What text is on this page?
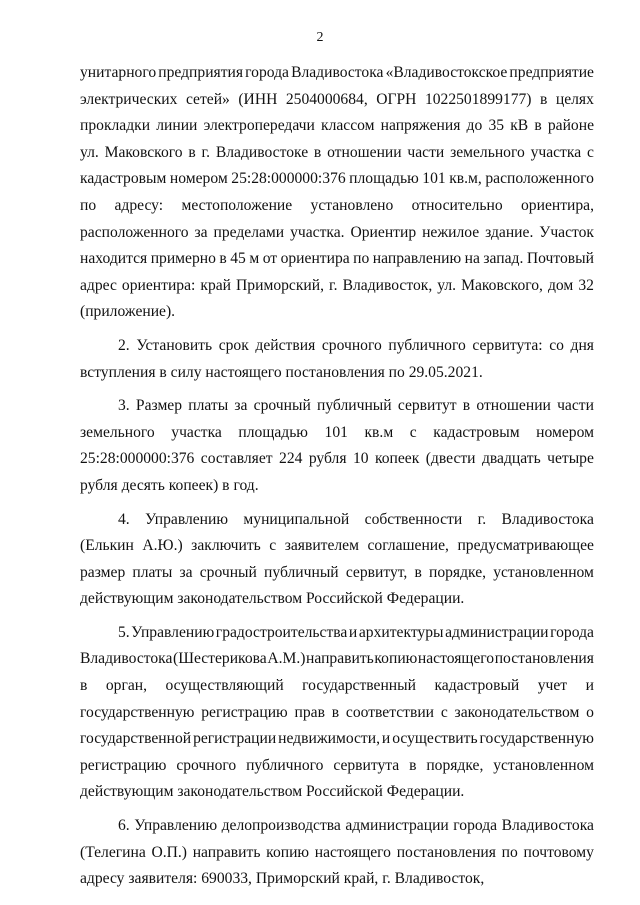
2
унитарного предприятия города Владивостока «Владивостокское предприятие
электрических сетей» (ИНН 2504000684, ОГРН 1022501899177) в целях
прокладки линии электропередачи классом напряжения до 35 кВ в районе
ул. Маковского в г. Владивостоке в отношении части земельного участка с
кадастровым номером 25:28:000000:376 площадью 101 кв.м, расположенного
по адресу: местоположение установлено относительно ориентира,
расположенного за пределами участка. Ориентир нежилое здание. Участок
находится примерно в 45 м от ориентира по направлению на запад. Почтовый
адрес ориентира: край Приморский, г. Владивосток, ул. Маковского, дом 32
(приложение).
2. Установить срок действия срочного публичного сервитута: со дня
вступления в силу настоящего постановления по 29.05.2021.
3. Размер платы за срочный публичный сервитут в отношении части
земельного участка площадью 101 кв.м с кадастровым номером
25:28:000000:376 составляет 224 рубля 10 копеек (двести двадцать четыре
рубля десять копеек) в год.
4. Управлению муниципальной собственности г. Владивостока
(Елькин А.Ю.) заключить с заявителем соглашение, предусматривающее
размер платы за срочный публичный сервитут, в порядке, установленном
действующим законодательством Российской Федерации.
5. Управлению градостроительства и архитектуры администрации города
Владивостока (Шестерикова А.М.) направить копию настоящего постановления
в орган, осуществляющий государственный кадастровый учет и
государственную регистрацию прав в соответствии с законодательством о
государственной регистрации недвижимости, и осуществить государственную
регистрацию срочного публичного сервитута в порядке, установленном
действующим законодательством Российской Федерации.
6. Управлению делопроизводства администрации города Владивостока
(Телегина О.П.) направить копию настоящего постановления по почтовому
адресу заявителя: 690033, Приморский край, г. Владивосток,
